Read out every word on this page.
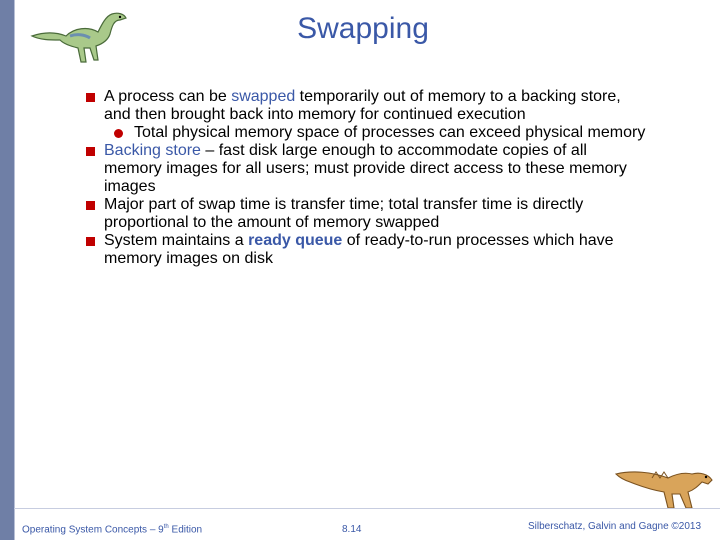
Swapping
A process can be swapped temporarily out of memory to a backing store, and then brought back into memory for continued execution
Total physical memory space of processes can exceed physical memory
Backing store – fast disk large enough to accommodate copies of all memory images for all users; must provide direct access to these memory images
Major part of swap time is transfer time; total transfer time is directly proportional to the amount of memory swapped
System maintains a ready queue of ready-to-run processes which have memory images on disk
Operating System Concepts – 9th Edition	8.14	Silberschatz, Galvin and Gagne ©2013
